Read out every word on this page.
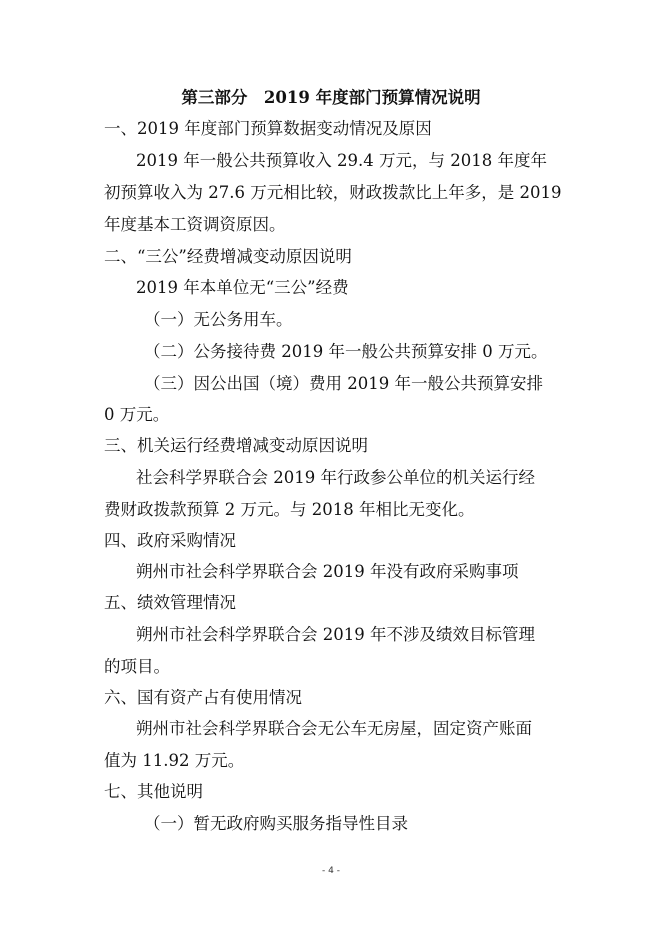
第三部分　2019 年度部门预算情况说明
一、2019 年度部门预算数据变动情况及原因
2019 年一般公共预算收入 29.4 万元，与 2018 年度年
初预算收入为 27.6 万元相比较，财政拨款比上年多，是 2019
年度基本工资调资原因。
二、“三公”经费增减变动原因说明
2019 年本单位无“三公”经费
（一）无公务用车。
（二）公务接待费 2019 年一般公共预算安排 0 万元。
（三）因公出国（境）费用 2019 年一般公共预算安排
0 万元。
三、机关运行经费增减变动原因说明
社会科学界联合会 2019 年行政参公单位的机关运行经
费财政拨款预算 2 万元。与 2018 年相比无变化。
四、政府采购情况
朔州市社会科学界联合会 2019 年没有政府采购事项
五、绩效管理情况
朔州市社会科学界联合会 2019 年不涉及绩效目标管理
的项目。
六、国有资产占有使用情况
朔州市社会科学界联合会无公车无房屋，固定资产账面
值为 11.92 万元。
七、其他说明
（一）暂无政府购买服务指导性目录
- 4 -
